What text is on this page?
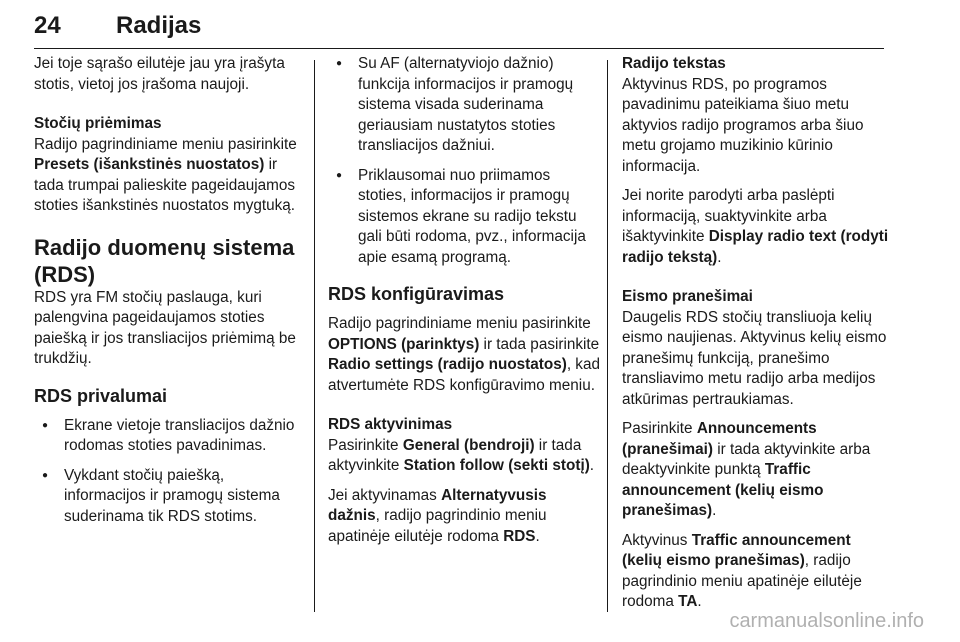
24 Radijas

Jei toje sąrašo eilutėje jau yra įrašyta stotis, vietoj jos įrašoma naujoji.

Stočių priėmimas

Radijo pagrindiniame meniu pasirinkite Presets (išankstinės nuostatos) ir tada trumpai palieskite pageidaujamos stoties išankstinės nuostatos mygtuką.

Radijo duomenų sistema (RDS)

RDS yra FM stočių paslauga, kuri palengvina pageidaujamos stoties paiešką ir jos transliacijos priėmimą be trukdžių.

RDS privalumai
● Ekrane vietoje transliacijos dažnio rodomas stoties pavadinimas.
● Vykdant stočių paiešką, informacijos ir pramogų sistema suderinama tik RDS stotims.
● Su AF (alternatyviojo dažnio) funkcija informacijos ir pramogų sistema visada suderinama geriausiam nustatytos stoties transliacijos dažniui.
● Priklausomai nuo priimamos stoties, informacijos ir pramogų sistemos ekrane su radijo tekstu gali būti rodoma, pvz., informacija apie esamą programą.
RDS konfigūravimas

Radijo pagrindiniame meniu pasirinkite OPTIONS (parinktys) ir tada pasirinkite Radio settings (radijo nuostatos), kad atvertumėte RDS konfigūravimo meniu.

RDS aktyvinimas

Pasirinkite General (bendroji) ir tada aktyvinkite Station follow (sekti stotį).

Jei aktyvinamas Alternatyvusis dažnis, radijo pagrindinio meniu apatinėje eilutėje rodoma RDS.

Radijo tekstas

Aktyvinus RDS, po programos pavadinimu pateikiama šiuo metu aktyvios radijo programos arba šiuo metu grojamo muzikinio kūrinio informacija.

Jei norite parodyti arba paslėpti informaciją, suaktyvinkite arba išaktyvinkite Display radio text (rodyti radijo tekstą).

Eismo pranešimai

Daugelis RDS stočių transliuoja kelių eismo naujienas. Aktyvinus kelių eismo pranešimų funkciją, pranešimo transliavimo metu radijo arba medijos atkūrimas pertraukiamas.

Pasirinkite Announcements (pranešimai) ir tada aktyvinkite arba deaktyvinkite punktą Traffic announcement (kelių eismo pranešimas).

Aktyvinus Traffic announcement (kelių eismo pranešimas), radijo pagrindinio meniu apatinėje eilutėje rodoma TA.

carmanualsonline.info
